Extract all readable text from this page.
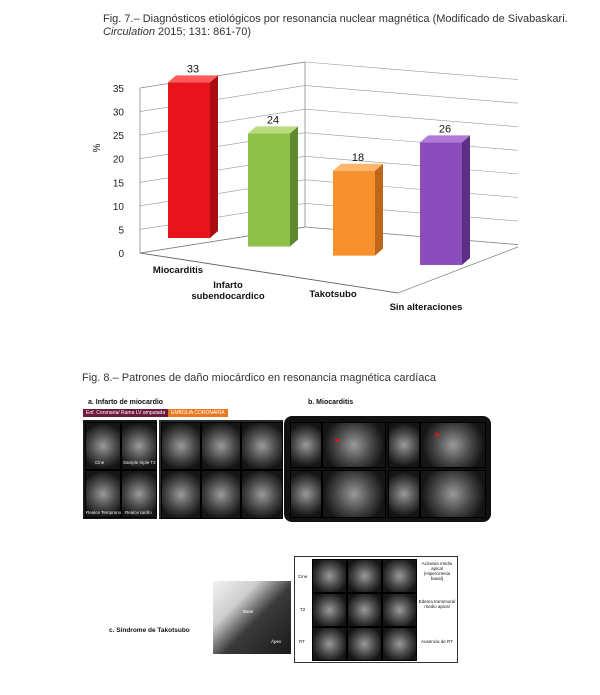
Fig. 7.– Diagnósticos etiológicos por resonancia nuclear magnética (Modificado de Sivabaskari. Circulation 2015; 131: 861-70)
0
5
10
15
20
25
30
35
%
33
Miocarditis
24
Infarto
subendocardico
18
Takotsubo
26
Sin alteraciones
Fig. 8.– Patrones de daño miocárdico en resonancia magnética cardíaca
a. Infarto de miocardio
Enf. Coronaria/ Rama LV amputada	EMBOLIA CORONARIA
Cine	Sample triple T2
Realce Temprano Realce tardío
b. Miocarditis
➤
➤
c. Síndrome de Takotsubo
Base
Ápex
Cine
T2
RT
Acinesia medio apical (Hipercinesia basal)
Edema transmural medio apical
Ausencia de RT
